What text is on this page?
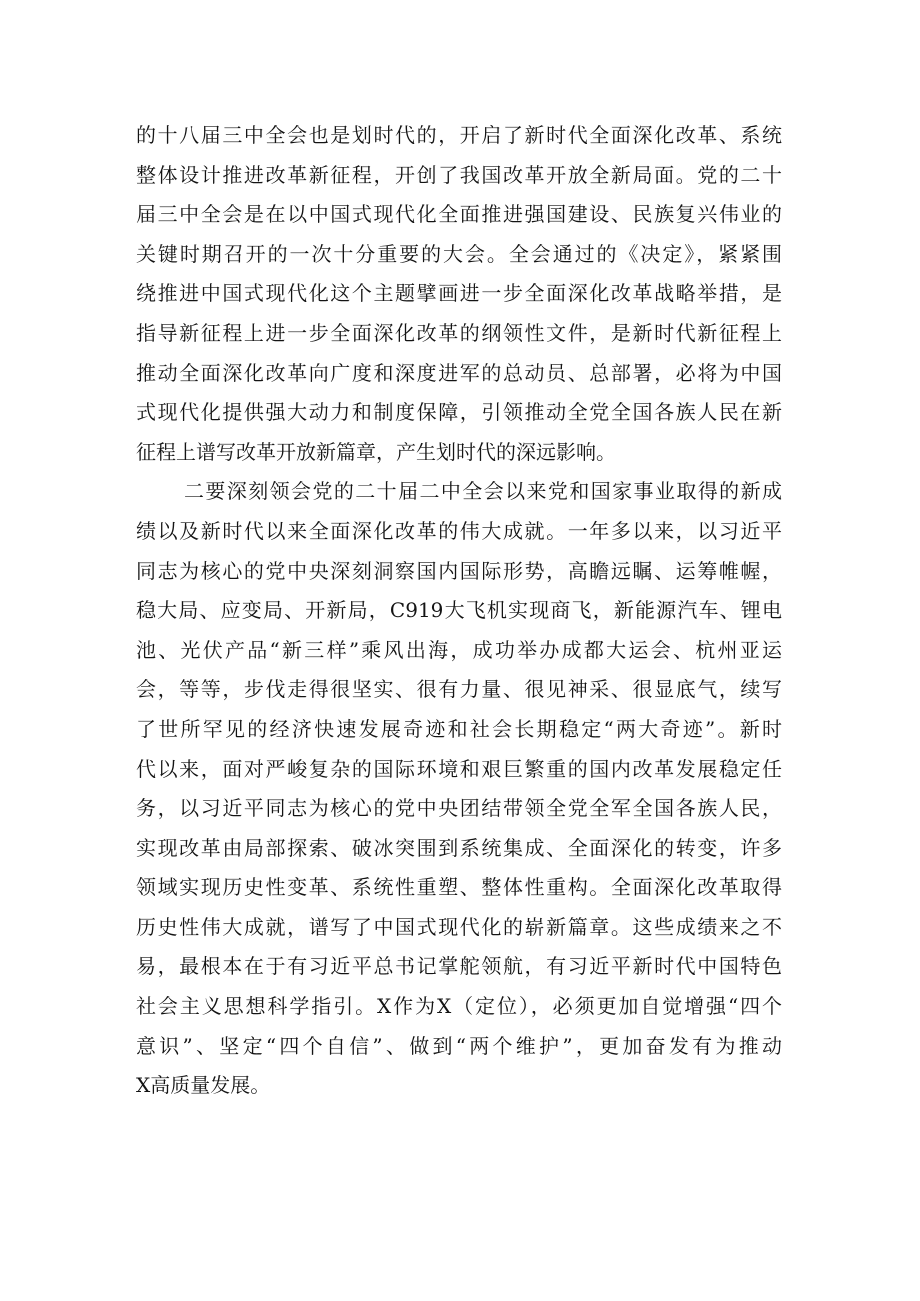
的十八届三中全会也是划时代的，开启了新时代全面深化改革、系统
整体设计推进改革新征程，开创了我国改革开放全新局面。党的二十
届三中全会是在以中国式现代化全面推进强国建设、民族复兴伟业的
关键时期召开的一次十分重要的大会。全会通过的《决定》，紧紧围
绕推进中国式现代化这个主题擘画进一步全面深化改革战略举措，是
指导新征程上进一步全面深化改革的纲领性文件，是新时代新征程上
推动全面深化改革向广度和深度进军的总动员、总部署，必将为中国
式现代化提供强大动力和制度保障，引领推动全党全国各族人民在新
征程上谱写改革开放新篇章，产生划时代的深远影响。
二要深刻领会党的二十届二中全会以来党和国家事业取得的新成
绩以及新时代以来全面深化改革的伟大成就。一年多以来，以习近平
同志为核心的党中央深刻洞察国内国际形势，高瞻远瞩、运筹帷幄，
稳大局、应变局、开新局，C919大飞机实现商飞，新能源汽车、锂电
池、光伏产品“新三样”乘风出海，成功举办成都大运会、杭州亚运
会，等等，步伐走得很坚实、很有力量、很见神采、很显底气，续写
了世所罕见的经济快速发展奇迹和社会长期稳定“两大奇迹”。新时
代以来，面对严峻复杂的国际环境和艰巨繁重的国内改革发展稳定任
务，以习近平同志为核心的党中央团结带领全党全军全国各族人民，
实现改革由局部探索、破冰突围到系统集成、全面深化的转变，许多
领域实现历史性变革、系统性重塑、整体性重构。全面深化改革取得
历史性伟大成就，谱写了中国式现代化的崭新篇章。这些成绩来之不
易，最根本在于有习近平总书记掌舵领航，有习近平新时代中国特色
社会主义思想科学指引。X作为X（定位），必须更加自觉增强“四个
意识”、坚定“四个自信”、做到“两个维护”，更加奋发有为推动
X高质量发展。
